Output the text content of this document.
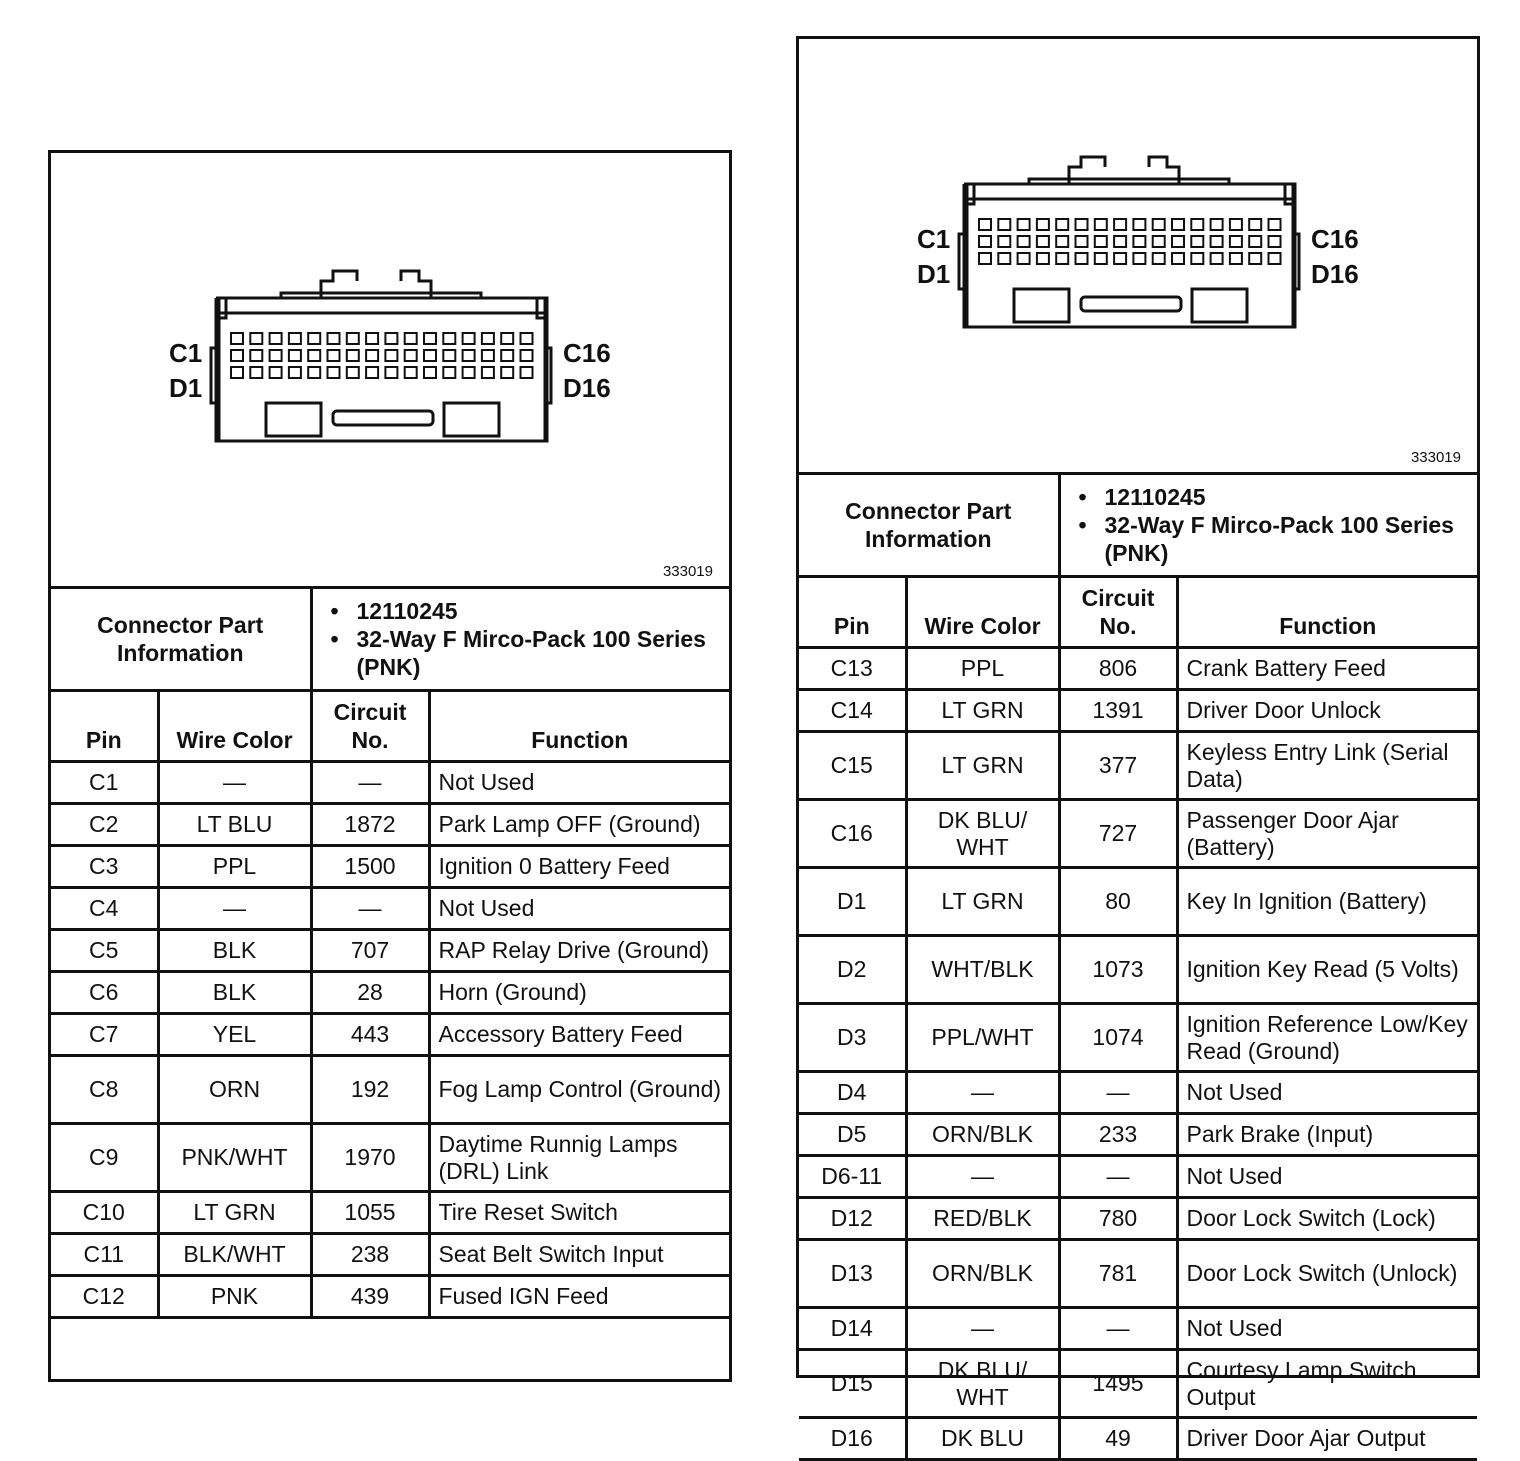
C1
D1
C16
D16
333019
Connector Part Information	
• 12110245
• 32-Way F Mirco-Pack 100 Series (PNK)
Pin	Wire Color	Circuit No.	Function
C1	—	—	Not Used
C2	LT BLU	1872	Park Lamp OFF (Ground)
C3	PPL	1500	Ignition 0 Battery Feed
C4	—	—	Not Used
C5	BLK	707	RAP Relay Drive (Ground)
C6	BLK	28	Horn (Ground)
C7	YEL	443	Accessory Battery Feed
C8	ORN	192	Fog Lamp Control (Ground)
C9	PNK/WHT	1970	Daytime Runnig Lamps (DRL) Link
C10	LT GRN	1055	Tire Reset Switch
C11	BLK/WHT	238	Seat Belt Switch Input
C12	PNK	439	Fused IGN Feed
C1
D1
C16
D16
333019
Connector Part Information	
• 12110245
• 32-Way F Mirco-Pack 100 Series (PNK)
Pin	Wire Color	Circuit No.	Function
C13	PPL	806	Crank Battery Feed
C14	LT GRN	1391	Driver Door Unlock
C15	LT GRN	377	Keyless Entry Link (Serial Data)
C16	DK BLU/ WHT	727	Passenger Door Ajar (Battery)
D1	LT GRN	80	Key In Ignition (Battery)
D2	WHT/BLK	1073	Ignition Key Read (5 Volts)
D3	PPL/WHT	1074	Ignition Reference Low/Key Read (Ground)
D4	—	—	Not Used
D5	ORN/BLK	233	Park Brake (Input)
D6-11	—	—	Not Used
D12	RED/BLK	780	Door Lock Switch (Lock)
D13	ORN/BLK	781	Door Lock Switch (Unlock)
D14	—	—	Not Used
D15	DK BLU/ WHT	1495	Courtesy Lamp Switch Output
D16	DK BLU	49	Driver Door Ajar Output
